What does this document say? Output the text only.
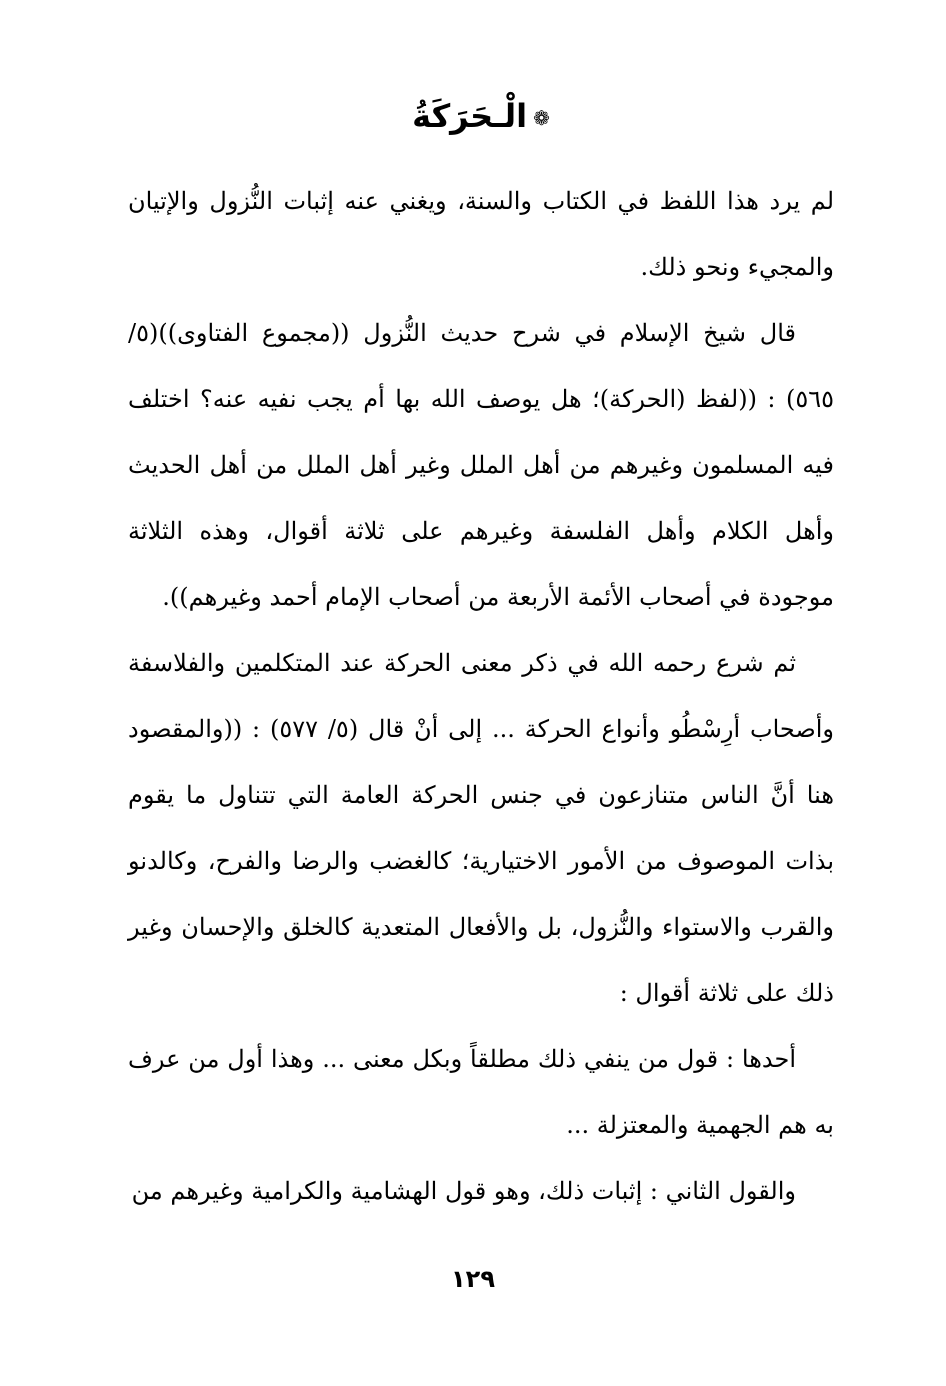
❁الْـحَرَكَةُ

لم يرد هذا اللفظ في الكتاب والسنة، ويغني عنه إثبات النُّزول والإتيان والمجيء ونحو ذلك.

قال شيخ الإسلام في شرح حديث النُّزول ((مجموع الفتاوى))(٥/ ٥٦٥) : ((لفظ (الحركة)؛ هل يوصف الله بها أم يجب نفيه عنه؟ اختلف فيه المسلمون وغيرهم من أهل الملل وغير أهل الملل من أهل الحديث وأهل الكلام وأهل الفلسفة وغيرهم على ثلاثة أقوال، وهذه الثلاثة موجودة في أصحاب الأئمة الأربعة من أصحاب الإمام أحمد وغيرهم)).

ثم شرع رحمه الله في ذكر معنى الحركة عند المتكلمين والفلاسفة وأصحاب أرِسْطُو وأنواع الحركة ... إلى أنْ قال (٥/ ٥٧٧) : ((والمقصود هنا أنَّ الناس متنازعون في جنس الحركة العامة التي تتناول ما يقوم بذات الموصوف من الأمور الاختيارية؛ كالغضب والرضا والفرح، وكالدنو والقرب والاستواء والنُّزول، بل والأفعال المتعدية كالخلق والإحسان وغير ذلك على ثلاثة أقوال :

أحدها : قول من ينفي ذلك مطلقاً وبكل معنى ... وهذا أول من عرف به هم الجهمية والمعتزلة ...

والقول الثاني : إثبات ذلك، وهو قول الهشامية والكرامية وغيرهم من

١٢٩
